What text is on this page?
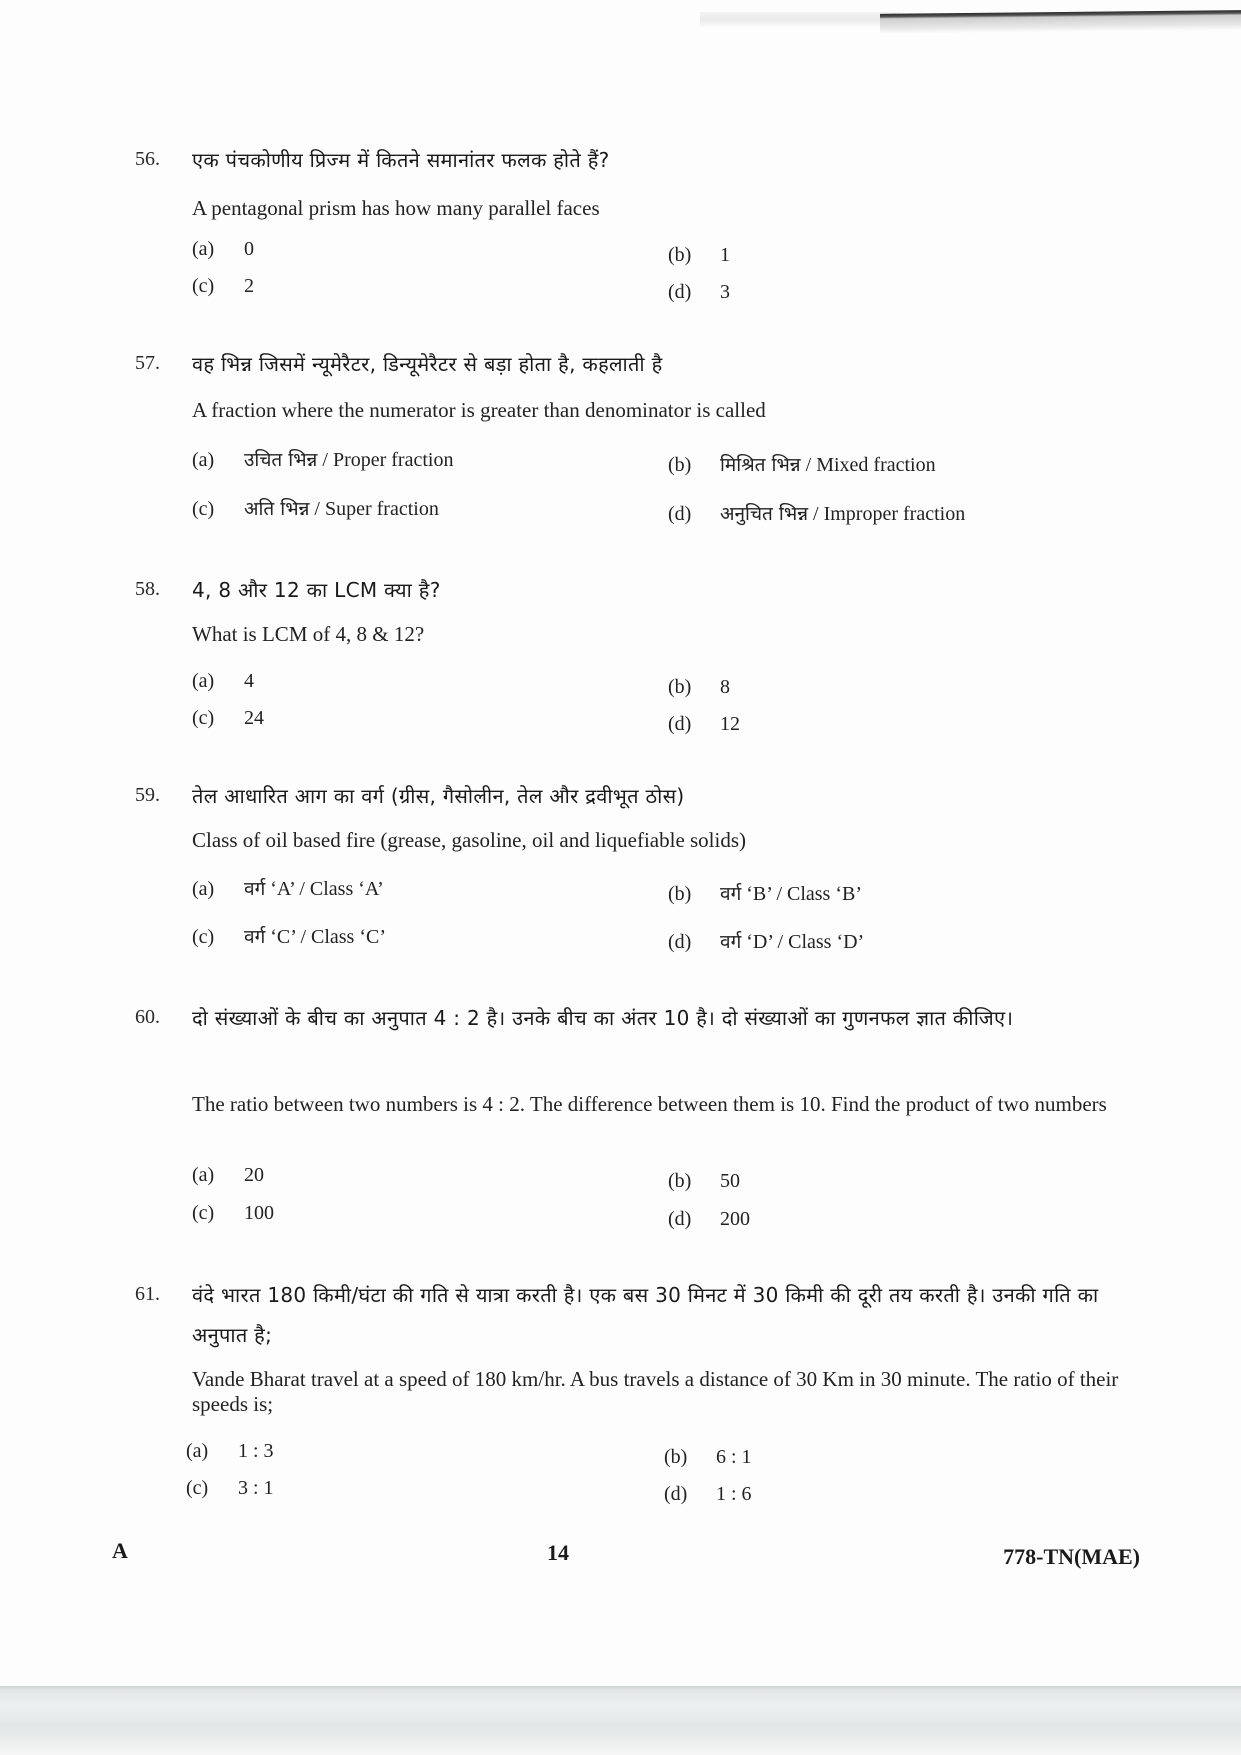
56. एक पंचकोणीय प्रिज्म में कितने समानांतर फलक होते हैं?
A pentagonal prism has how many parallel faces
(a) 0	(b) 1
(c) 2	(d) 3
57. वह भिन्न जिसमें न्यूमेरैटर, डिन्यूमेरैटर से बड़ा होता है, कहलाती है
A fraction where the numerator is greater than denominator is called
(a) उचित भिन्न / Proper fraction	(b) मिश्रित भिन्न / Mixed fraction
(c) अति भिन्न / Super fraction	(d) अनुचित भिन्न / Improper fraction
58. 4, 8 और 12 का LCM क्या है?
What is LCM of 4, 8 & 12?
(a) 4	(b) 8
(c) 24	(d) 12
59. तेल आधारित आग का वर्ग (ग्रीस, गैसोलीन, तेल और द्रवीभूत ठोस)
Class of oil based fire (grease, gasoline, oil and liquefiable solids)
(a) वर्ग ‘A’ / Class ‘A’	(b) वर्ग ‘B’ / Class ‘B’
(c) वर्ग ‘C’ / Class ‘C’	(d) वर्ग ‘D’ / Class ‘D’
60. दो संख्याओं के बीच का अनुपात 4 : 2 है। उनके बीच का अंतर 10 है। दो संख्याओं का गुणनफल ज्ञात कीजिए।
The ratio between two numbers is 4 : 2. The difference between them is 10. Find the product of two numbers
(a) 20	(b) 50
(c) 100	(d) 200
61. वंदे भारत 180 किमी/घंटा की गति से यात्रा करती है। एक बस 30 मिनट में 30 किमी की दूरी तय करती है। उनकी गति का अनुपात है;
Vande Bharat travel at a speed of 180 km/hr. A bus travels a distance of 30 Km in 30 minute. The ratio of their speeds is;
(a) 1 : 3	(b) 6 : 1
(c) 3 : 1	(d) 1 : 6
A	14	778-TN(MAE)
